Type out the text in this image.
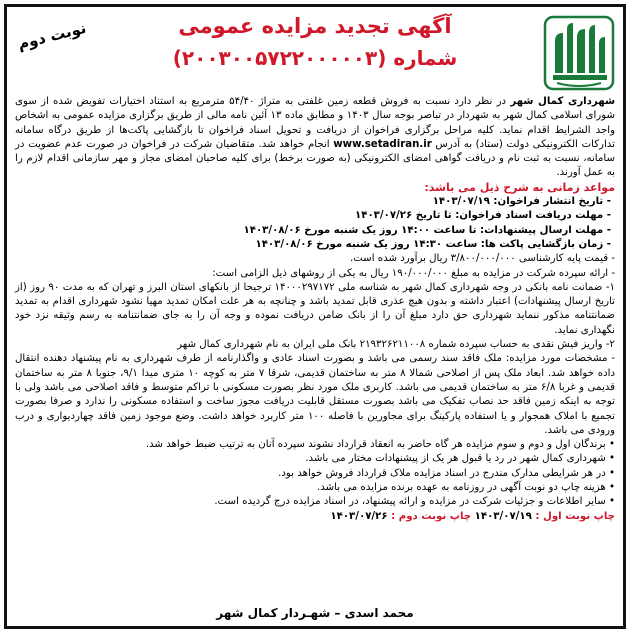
آگهی تجدید مزایده عمومی
شماره (۲۰۰۳۰۰۵۷۲۲۰۰۰۰۰۳)
نوبت دوم

شهرداری کمال شهر در نظر دارد نسبت به فروش قطعه زمین غلفتی به متراژ ۵۴/۴۰ مترمربع به استناد اختیارات تفویض شده از سوی شورای اسلامی کمال شهر به شهردار در تباصر بوجه سال ۱۴۰۳ و مطابق ماده ۱۳ آئین نامه مالی از طریق برگزاری مزایده عمومی به اشخاص واجد الشرایط اقدام نماید. کلیه مراحل برگزاری فراخوان از دریافت و تحویل اسناد فراخوان تا بازگشایی پاکت‌ها از طریق درگاه سامانه تدارکات الکترونیکی دولت (ستاد) به آدرس www.setadiran.ir انجام خواهد شد. متقاضیان شرکت در فراخوان در صورت عدم عضویت در سامانه، نسبت به ثبت نام و دریافت گواهی امضای الکترونیکی (به صورت برخط) برای کلیه صاحبان امضای مجاز و مهر سازمانی اقدام لازم را به عمل آورند.

مواعد زمانی به شرح ذیل می باشد:

- تاریخ انتشار فراخوان: ۱۴۰۳/۰۷/۱۹

- مهلت دریافت اسناد فراخوان: تا تاریخ ۱۴۰۳/۰۷/۲۶

- مهلت ارسال پیشنهادات: تا ساعت ۱۴:۰۰ روز یک شنبه مورخ ۱۴۰۳/۰۸/۰۶

- زمان بازگشایی پاکت ها: ساعت ۱۴:۳۰ روز یک شنبه مورخ ۱۴۰۳/۰۸/۰۶

- قیمت پایه کارشناسی ۳/۸۰۰/۰۰۰/۰۰۰ ریال برآورد شده است.

- ارائه سپرده شرکت در مزایده به مبلغ ۱۹۰/۰۰۰/۰۰۰ ریال به یکی از روشهای ذیل الزامی است:

۱- ضمانت نامه بانکی در وجه شهرداری کمال شهر به شناسه ملی ۱۴۰۰۰۲۹۷۱۷۲ ترجیحا از بانکهای استان البرز و تهران که به مدت ۹۰ روز (از تاریخ ارسال پیشنهادات) اعتبار داشته و بدون هیچ عذری قابل تمدید باشد و چنانچه به هر علت امکان تمدید مهیا نشود شهرداری اقدام به تمدید ضمانتنامه مذکور ننماید شهرداری حق دارد مبلغ آن را از بانک ضامن دریافت نموده و وجه آن را به جای ضمانتنامه به رسم وثیقه نزد خود نگهداری نماید.

۲- واریز فیش نقدی به حساب سپرده شماره ۲۱۹۳۲۶۲۱۱۰۰۸ بانک ملی ایران به نام شهرداری کمال شهر

- مشخصات مورد مزایده: ملک فاقد سند رسمی می باشد و بصورت اسناد عادی و واگذارنامه از طرف شهرداری به نام پیشنهاد دهنده انتقال داده خواهد شد. ابعاد ملک پس از اصلاحی شمالا ۸ متر به ساختمان قدیمی، شرقا ۷ متر به کوچه ۱۰ متری میدا ۹/۱، جنوبا ۸ متر به ساختمان قدیمی و غربا ۶/۸ متر به ساختمان قدیمی می باشد. کاربری ملک مورد نظر بصورت مسکونی با تراکم متوسط و فاقد اصلاحی می باشد ولی با توجه به اینکه زمین فاقد حد نصاب تفکیک می باشد بصورت مستقل قابلیت دریافت مجوز ساخت و استفاده مسکونی را ندارد و صرفا بصورت تجمیع با املاک همجوار و یا استفاده پارکینگ برای مجاورین با فاصله ۱۰۰ متر کاربرد خواهد داشت. وضع موجود زمین فاقد چهاردیواری و درب ورودی می باشد.

• برندگان اول و دوم و سوم مزایده هر گاه حاضر به انعقاد قرارداد نشوند سپرده آنان به ترتیب ضبط خواهد شد.

• شهرداری کمال شهر در رد یا قبول هر یک از پیشنهادات مختار می باشد.

• در هر شرایطی مدارک مندرج در اسناد مزایده ملاک قرارداد فروش خواهد بود.

• هزینه چاپ دو نوبت آگهی در روزنامه به عهده برنده مزایده می باشد.

• سایر اطلاعات و جزئیات شرکت در مزایده و ارائه پیشنهاد، در اسناد مزایده درج گردیده است.

چاپ نوبت اول : ۱۴۰۳/۰۷/۱۹ چاپ نوبت دوم : ۱۴۰۳/۰۷/۲۶

محمد اسدی – شهـردار کمال شهر
